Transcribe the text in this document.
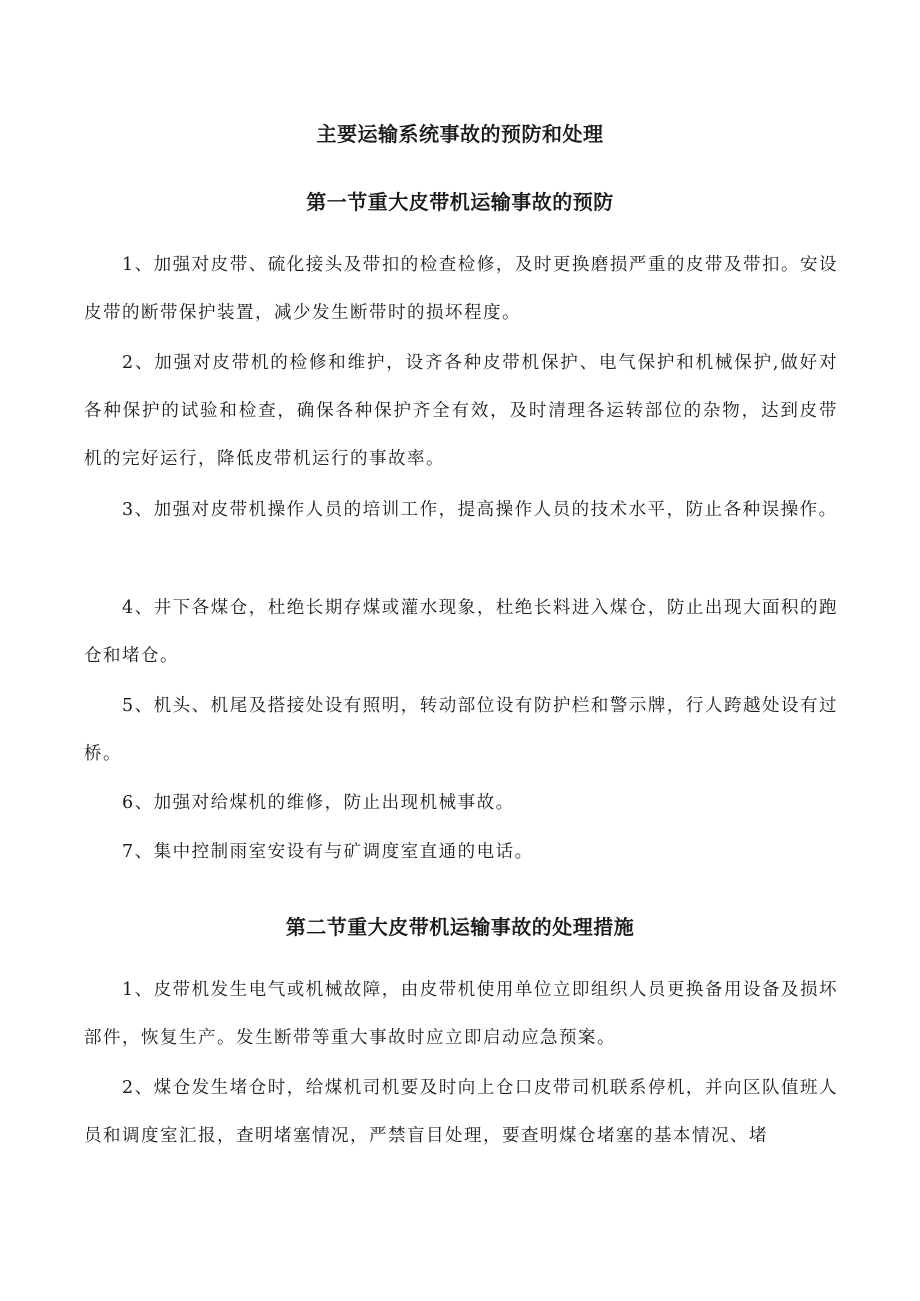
主要运输系统事故的预防和处理
第一节重大皮带机运输事故的预防

1、加强对皮带、硫化接头及带扣的检查检修，及时更换磨损严重的皮带及带扣。安设皮带的断带保护装置，减少发生断带时的损坏程度。

2、加强对皮带机的检修和维护，设齐各种皮带机保护、电气保护和机械保护,做好对各种保护的试验和检查，确保各种保护齐全有效，及时清理各运转部位的杂物，达到皮带机的完好运行，降低皮带机运行的事故率。

3、加强对皮带机操作人员的培训工作，提高操作人员的技术水平，防止各种误操作。

4、井下各煤仓，杜绝长期存煤或灌水现象，杜绝长料进入煤仓，防止出现大面积的跑仓和堵仓。

5、机头、机尾及搭接处设有照明，转动部位设有防护栏和警示牌，行人跨越处设有过桥。

6、加强对给煤机的维修，防止出现机械事故。

7、集中控制雨室安设有与矿调度室直通的电话。

第二节重大皮带机运输事故的处理措施

1、皮带机发生电气或机械故障，由皮带机使用单位立即组织人员更换备用设备及损坏部件，恢复生产。发生断带等重大事故时应立即启动应急预案。

2、煤仓发生堵仓时，给煤机司机要及时向上仓口皮带司机联系停机，并向区队值班人员和调度室汇报，查明堵塞情况，严禁盲目处理，要查明煤仓堵塞的基本情况、堵
